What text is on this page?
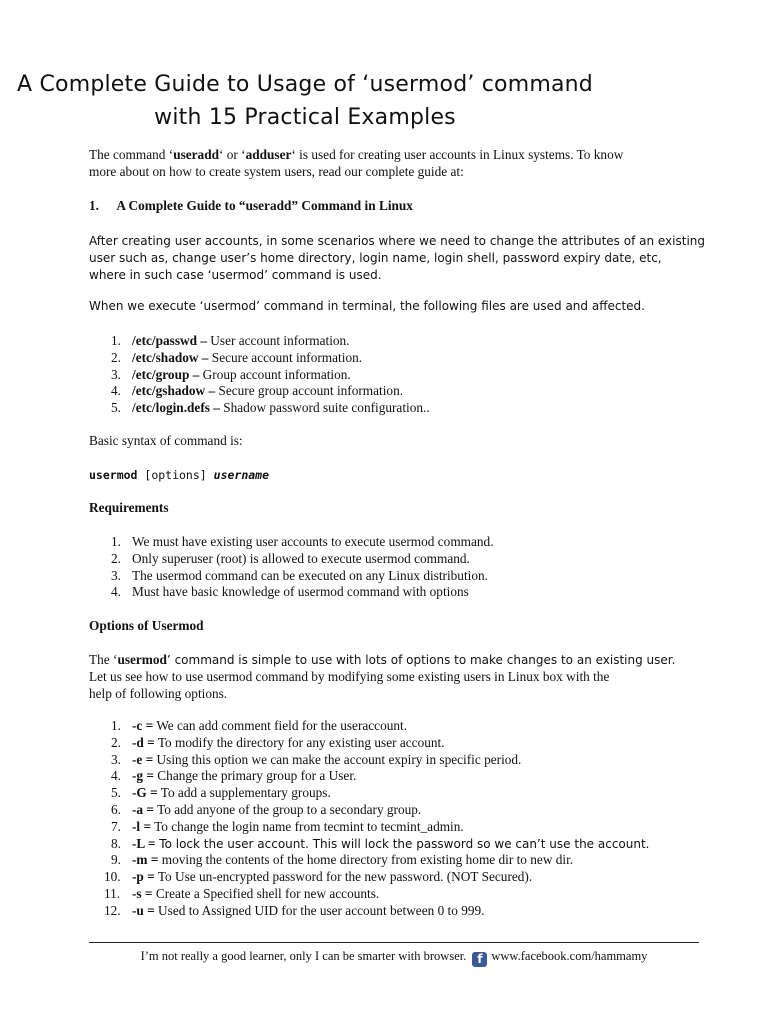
A Complete Guide to Usage of ‘usermod’ command
with 15 Practical Examples

The command ‘useradd‘ or ‘adduser‘ is used for creating user accounts in Linux systems. To know

more about on how to create system users, read our complete guide at:

1. A Complete Guide to “useradd” Command in Linux

After creating user accounts, in some scenarios where we need to change the attributes of an existing

user such as, change user’s home directory, login name, login shell, password expiry date, etc,

where in such case ‘usermod’ command is used.

When we execute ‘usermod’ command in terminal, the following files are used and affected.

1. /etc/passwd – User account information.
2. /etc/shadow – Secure account information.
3. /etc/group – Group account information.
4. /etc/gshadow – Secure group account information.
5. /etc/login.defs – Shadow password suite configuration..
Basic syntax of command is:
usermod [options] username
Requirements
1. We must have existing user accounts to execute usermod command.
2. Only superuser (root) is allowed to execute usermod command.
3. The usermod command can be executed on any Linux distribution.
4. Must have basic knowledge of usermod command with options
Options of Usermod

The ‘usermod’ command is simple to use with lots of options to make changes to an existing user.

Let us see how to use usermod command by modifying some existing users in Linux box with the

help of following options.

1. -c = We can add comment field for the useraccount.
2. -d = To modify the directory for any existing user account.
3. -e = Using this option we can make the account expiry in specific period.
4. -g = Change the primary group for a User.
5. -G = To add a supplementary groups.
6. -a = To add anyone of the group to a secondary group.
7. -l = To change the login name from tecmint to tecmint_admin.
8. -L = To lock the user account. This will lock the password so we can’t use the account.
9. -m = moving the contents of the home directory from existing home dir to new dir.
10. -p = To Use un-encrypted password for the new password. (NOT Secured).
11. -s = Create a Specified shell for new accounts.
12. -u = Used to Assigned UID for the user account between 0 to 999.
I’m not really a good learner, only I can be smarter with browser. f www.facebook.com/hammamy
